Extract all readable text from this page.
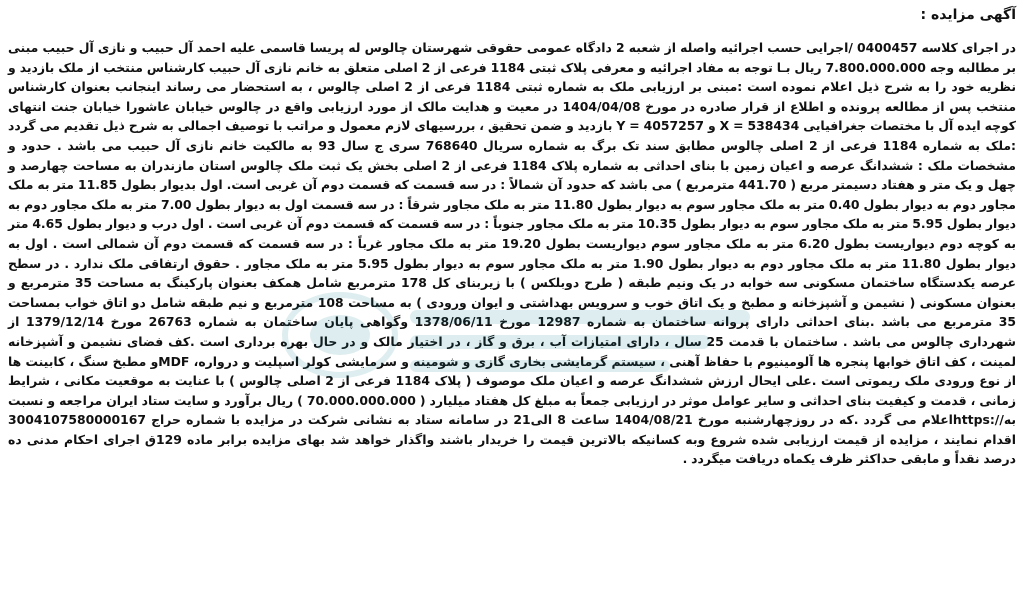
آگهی مزایده :
در اجرای کلاسه 0400457 /اجرایی حسب اجرائیه واصله از شعبه 2 دادگاه عمومی حقوقی شهرستان چالوس له پریسا قاسمی علیه احمد آل حبیب و نازی آل حبیب مبنی بر مطالبه وجه 7.800.000.000 ریال بـا توجه به مفاد اجرائیه و معرفی پلاک ثبتی 1184 فرعی از 2 اصلی متعلق به خانم نازی آل حبیب کارشناس منتخب از ملک بازدید و نظریه خود را به شرح ذیل اعلام نموده است :مبنی بر ارزیابی ملک به شماره ثبتی 1184 فرعی از 2 اصلی چالوس ، به استحضار می رساند اینجانب بعنوان کارشناس منتخب پس از مطالعه پرونده و اطلاع از قرار صادره در مورخ 1404/04/08 در معیت و هدایت مالک از مورد ارزیابی واقع در چالوس خیابان عاشورا خیابان جنت انتهای کوچه ایده آل با مختصات جغرافیایی 538434 = X و 4057257 = Y بازدید و ضمن تحقیق ، بررسیهای لازم معمول و مراتب با توصیف اجمالی به شرح ذیل تقدیم می گردد :ملک به شماره 1184 فرعی از 2 اصلی چالوس مطابق سند تک برگ به شماره سریال 768640 سری ج سال 93 به مالکیت خانم نازی آل حبیب می باشد . حدود و مشخصات ملک : ششدانگ عرصه و اعیان زمین با بنای احداثی به شماره پلاک 1184 فرعی از 2 اصلی بخش یک ثبت ملک چالوس استان مازندران به مساحت چهارصد و چهل و یک متر و هفتاد دسیمتر مربع ( 441.70 مترمربع ) می باشد که حدود آن شمالاً : در سه قسمت که قسمت دوم آن غربی است. اول بدیوار بطول 11.85 متر به ملک مجاور دوم به دیوار بطول 0.40 متر به ملک مجاور سوم به دیوار بطول 11.80 متر به ملک مجاور شرقاً : در سه قسمت اول به دیوار بطول 7.00 متر به ملک مجاور دوم به دیوار بطول 5.95 متر به ملک مجاور سوم به دیوار بطول 10.35 متر به ملک مجاور جنوباً : در سه قسمت که قسمت دوم آن غربی است . اول درب و دیوار بطول 4.65 متر به کوچه دوم دیواریست بطول 6.20 متر به ملک مجاور سوم دیواریست بطول 19.20 متر به ملک مجاور غرباً : در سه قسمت که قسمت دوم آن شمالی است . اول به دیوار بطول 11.80 متر به ملک مجاور دوم به دیوار بطول 1.90 متر به ملک مجاور سوم به دیوار بطول 5.95 متر به ملک مجاور . حقوق ارتفاقی ملک ندارد . در سطح عرصه یکدستگاه ساختمان مسکونی سه خوابه در یک ونیم طبقه ( طرح دوبلکس ) با زیربنای کل 178 مترمربع شامل همکف بعنوان پارکینگ به مساحت 35 مترمربع و بعنوان مسکونی ( نشیمن و آشپزخانه و مطبخ و یک اتاق خوب و سرویس بهداشتی و ایوان ورودی ) به مساحت 108 مترمربع و نیم طبقه شامل دو اتاق خواب بمساحت 35 مترمربع می باشد .بنای احداثی دارای پروانه ساختمان به شماره 12987 مورخ 1378/06/11 وگواهی پایان ساختمان به شماره 26763 مورخ 1379/12/14 از شهرداری چالوس می باشد . ساختمان با قدمت 25 سال ، دارای امتیازات آب ، برق و گاز ، در اختیار مالک و در حال بهره برداری است .کف فضای نشیمن و آشپزخانه لمینت ، کف اتاق خوابها پنجره ها آلومینیوم با حفاظ آهنی ، سیستم گرمایشی بخاری گازی و شومینه و سرمایشی کولر اسپلیت و درواره، MDFو مطبخ سنگ ، کابینت ها از نوع ورودی ملک ریموتی است .علی ایحال ارزش ششدانگ عرصه و اعیان ملک موصوف ( پلاک 1184 فرعی از 2 اصلی چالوس ) با عنایت به موقعیت مکانی ، شرایط زمانی ، قدمت و کیفیت بنای احداثی و سایر عوامل موثر در ارزیابی جمعاً به مبلغ کل هفتاد میلیارد ( 70.000.000.000 ) ریال برآورد و سایت ستاد ایران مراجعه و نسبت به//:httpsاعلام می گردد .که در روزچهارشنبه مورخ 1404/08/21 ساعت 8 الی21 در سامانه ستاد به نشانی شرکت در مزایده با شماره حراج 3004107580000167 اقدام نمایند ، مزایده از قیمت ارزیابی شده شروع وبه کسانیکه بالاترین قیمت را خریدار باشند واگذار خواهد شد بهای مزایده برابر ماده 129ق اجرای احکام مدنی ده درصد نقداً و مابقی حداکثر ظرف یکماه دریافت میگردد .
